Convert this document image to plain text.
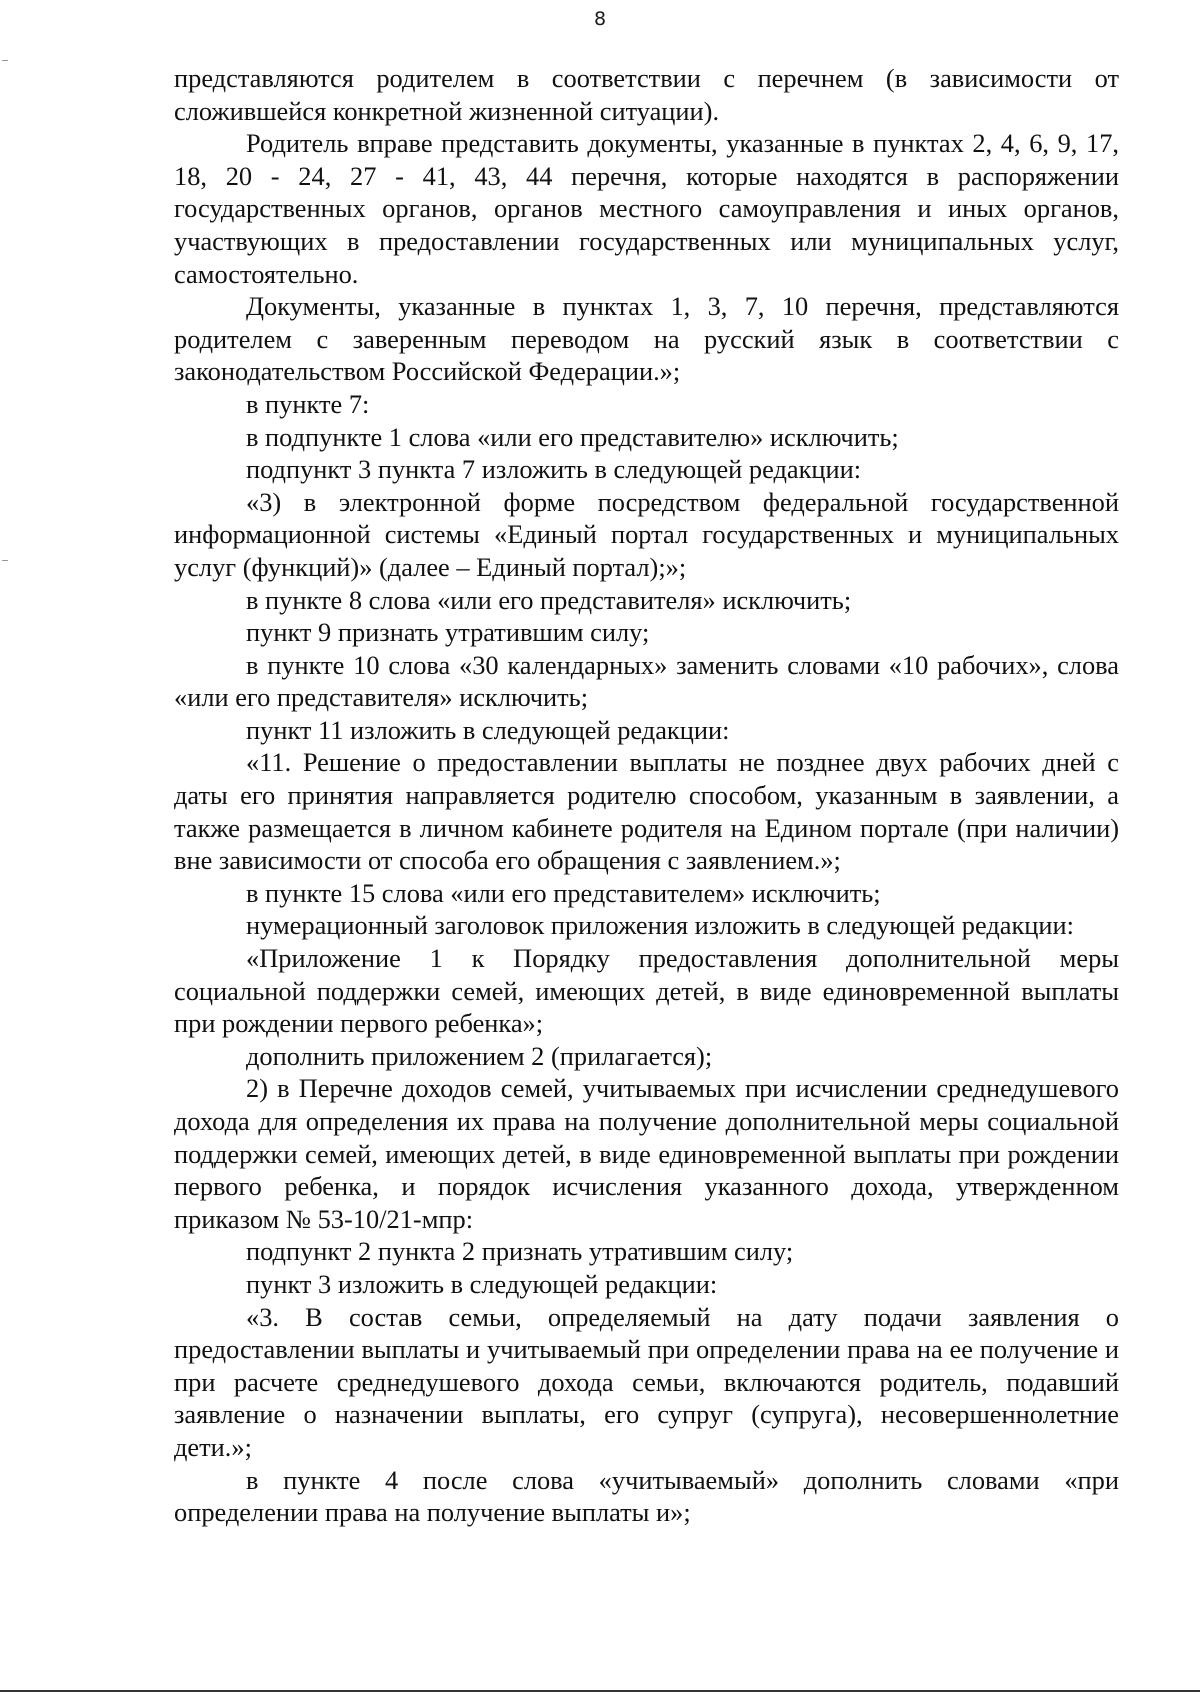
8

представляются родителем в соответствии с перечнем (в зависимости от сложившейся конкретной жизненной ситуации).

Родитель вправе представить документы, указанные в пунктах 2, 4, 6, 9, 17, 18, 20 - 24, 27 - 41, 43, 44 перечня, которые находятся в распоряжении государственных органов, органов местного самоуправления и иных органов, участвующих в предоставлении государственных или муниципальных услуг, самостоятельно.

Документы, указанные в пунктах 1, 3, 7, 10 перечня, представляются родителем с заверенным переводом на русский язык в соответствии с законодательством Российской Федерации.»;

в пункте 7:

в подпункте 1 слова «или его представителю» исключить;

подпункт 3 пункта 7 изложить в следующей редакции:

«3) в электронной форме посредством федеральной государственной информационной системы «Единый портал государственных и муниципальных услуг (функций)» (далее – Единый портал);»;

в пункте 8 слова «или его представителя» исключить;

пункт 9 признать утратившим силу;

в пункте 10 слова «30 календарных» заменить словами «10 рабочих», слова «или его представителя» исключить;

пункт 11 изложить в следующей редакции:

«11. Решение о предоставлении выплаты не позднее двух рабочих дней с даты его принятия направляется родителю способом, указанным в заявлении, а также размещается в личном кабинете родителя на Едином портале (при наличии) вне зависимости от способа его обращения с заявлением.»;

в пункте 15 слова «или его представителем» исключить;

нумерационный заголовок приложения изложить в следующей редакции:

«Приложение 1 к Порядку предоставления дополнительной меры социальной поддержки семей, имеющих детей, в виде единовременной выплаты при рождении первого ребенка»;

дополнить приложением 2 (прилагается);

2) в Перечне доходов семей, учитываемых при исчислении среднедушевого дохода для определения их права на получение дополнительной меры социальной поддержки семей, имеющих детей, в виде единовременной выплаты при рождении первого ребенка, и порядок исчисления указанного дохода, утвержденном приказом № 53-10/21-мпр:

подпункт 2 пункта 2 признать утратившим силу;

пункт 3 изложить в следующей редакции:

«3. В состав семьи, определяемый на дату подачи заявления о предоставлении выплаты и учитываемый при определении права на ее получение и при расчете среднедушевого дохода семьи, включаются родитель, подавший заявление о назначении выплаты, его супруг (супруга), несовершеннолетние дети.»;

в пункте 4 после слова «учитываемый» дополнить словами «при определении права на получение выплаты и»;
